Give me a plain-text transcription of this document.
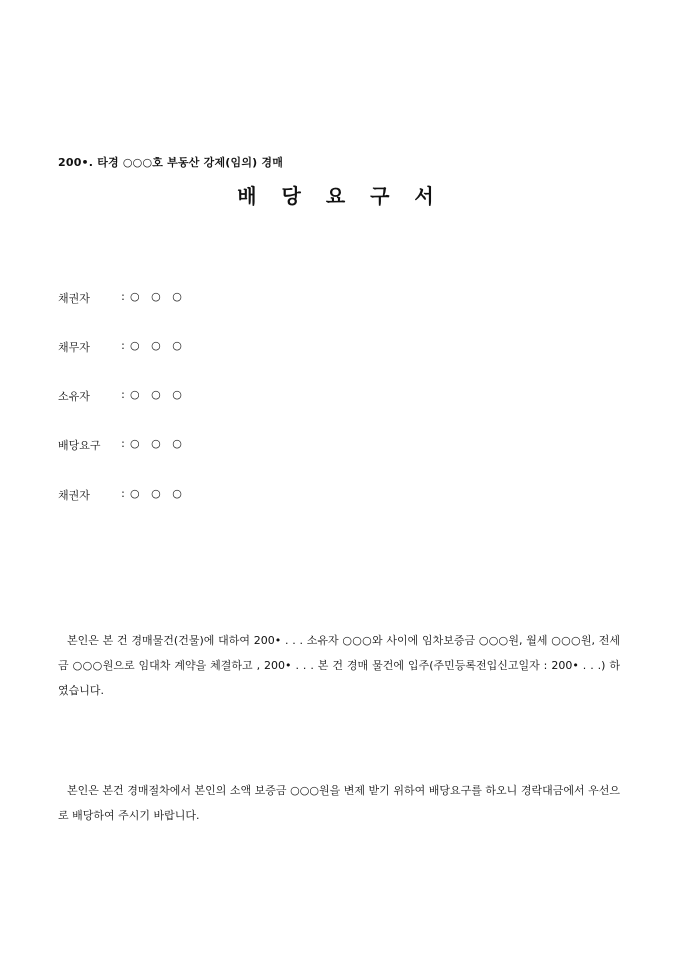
200•. 타경 ○○○호 부동산 강제(임의) 경매
배 당 요 구 서
채권자	: ○ ○ ○
채무자	: ○ ○ ○
소유자	: ○ ○ ○
배당요구	: ○ ○ ○
채권자	: ○ ○ ○
본인은 본 건 경매물건(건물)에 대하여 200• . . . 소유자 ○○○와 사이에 임차보증금 ○○○원, 월세 ○○○원, 전세금 ○○○원으로 임대차 계약을 체결하고 , 200• . . . 본 건 경매 물건에 입주(주민등록전입신고일자 : 200• . . .) 하였습니다.
본인은 본건 경매절차에서 본인의 소액 보증금 ○○○원을 변제 받기 위하여 배당요구를 하오니 경락대금에서 우선으로 배당하여 주시기 바랍니다.
